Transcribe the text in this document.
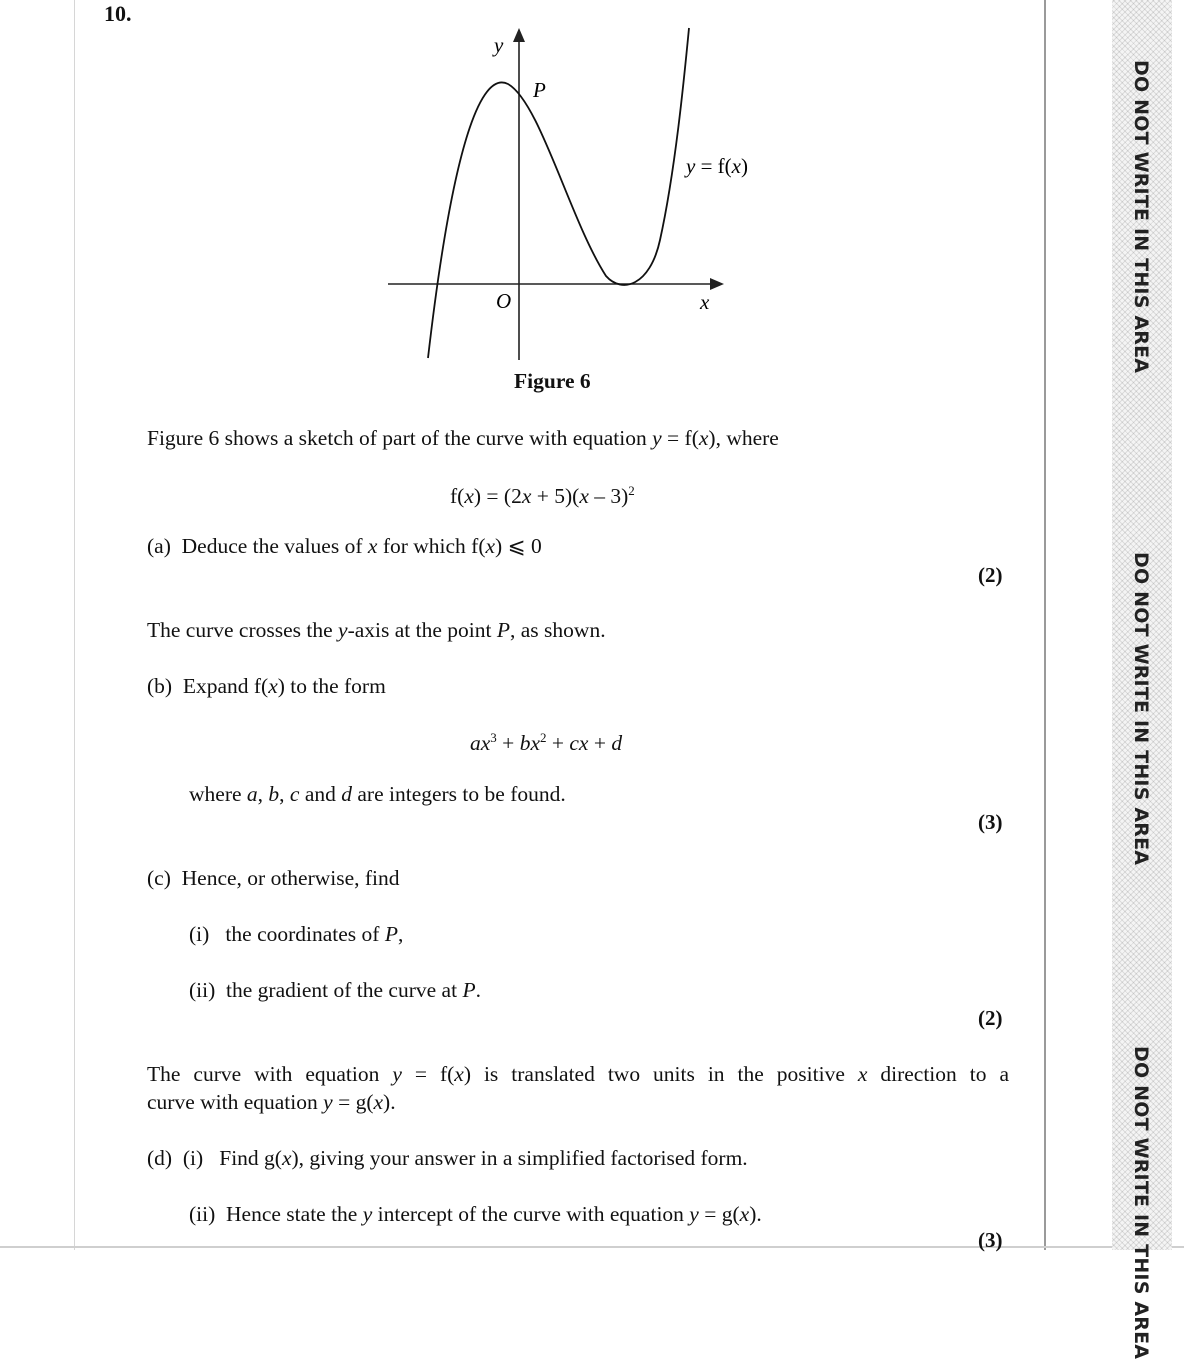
DO NOT WRITE IN THIS AREA
DO NOT WRITE IN THIS AREA
DO NOT WRITE IN THIS AREA
10.
y
P
O	x
y = f(x)
Figure 6
Figure 6 shows a sketch of part of the curve with equation y = f(x), where
f(x) = (2x + 5)(x – 3)$^2$
(a) Deduce the values of x for which f(x) ⩽ 0
(2)
The curve crosses the y-axis at the point P, as shown.
(b) Expand f(x) to the form
$ax^3 + bx^2$ + cx + d
where a, b, c and d are integers to be found.
(3)
(c) Hence, or otherwise, find
(i) the coordinates of P,
(ii) the gradient of the curve at P.
(2)
The curve with equation y = f(x) is translated two units in the positive x direction to a
curve with equation y = g(x).
(d) (i) Find g(x), giving your answer in a simplified factorised form.
(ii) Hence state the y intercept of the curve with equation y = g(x).
(3)
